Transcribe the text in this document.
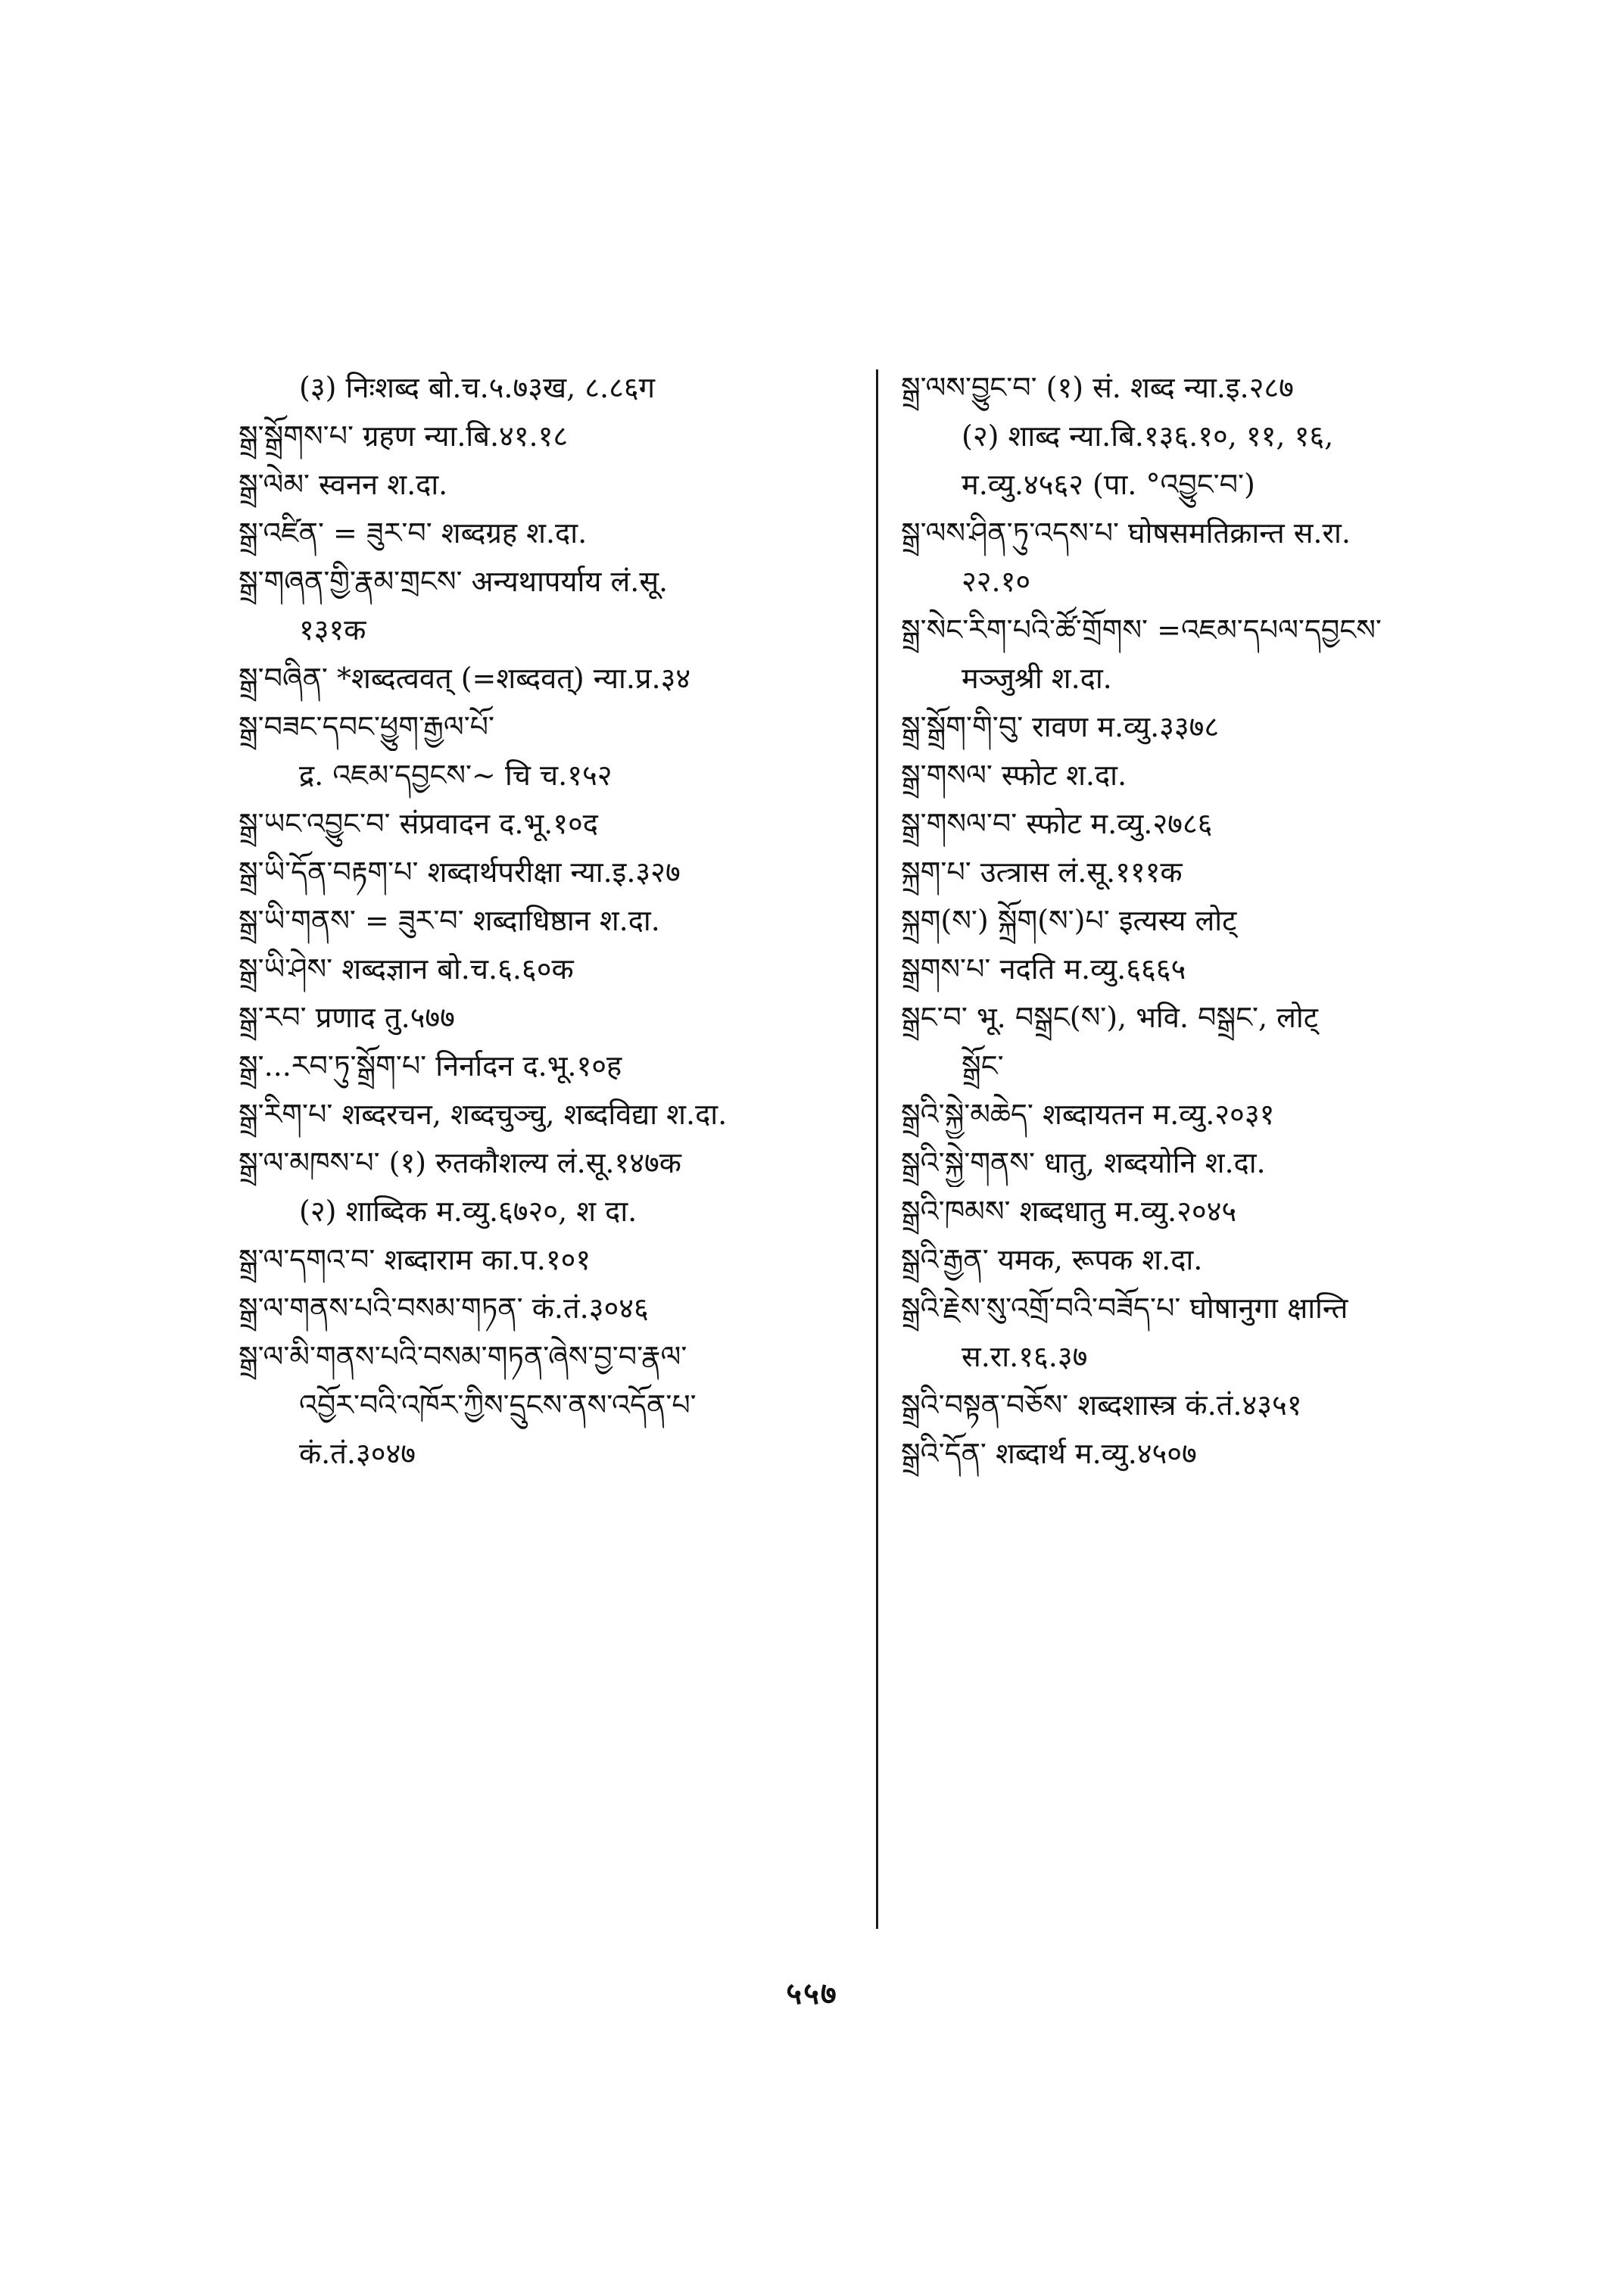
(३) निःशब्द बो.च.५.७३ख, ८.८६ग
སྒྲ་སྒྲོགས་པ་ ग्रहण न्या.बि.४१.१८
སྒྲ་ལེམ་ स्वनन श.दा.
སྒྲ་འཛིན་ = ཟུར་བ་ शब्दग्रह श.दा.
སྒྲ་གཞན་གྱི་རྣམ་གྲངས་ अन्यथापर्याय लं.सू.
१३१क
སྒྲ་བཞིན་ *शब्दत्ववत् (=शब्दवत्) न्या.प्र.३४
སྒྲ་བཟང་དབང་ཕྱུག་རྒྱལ་པོ་
द्र. འཇམ་དབྱངས་~ चि च.१५२
སྒྲ་ཡང་འབྱུང་བ་ संप्रवादन द.भू.१०द
སྒྲ་ཡི་དོན་བརྟག་པ་ शब्दार्थपरीक्षा न्या.इ.३२७
སྒྲ་ཡི་གནས་ = ཟུར་བ་ शब्दाधिष्ठान श.दा.
སྒྲ་ཡི་ཤེས་ शब्दज्ञान बो.च.६.६०क
སྒྲ་རབ་ प्रणाद तु.५७७
སྒྲ་...རབ་ཏུ་སྒྲོག་པ་ निर्नादन द.भू.१०ह
སྒྲ་རིག་པ་ शब्दरचन, शब्दचुञ्चु, शब्दविद्या श.दा.
སྒྲ་ལ་མཁས་པ་ (१) रुतकौशल्य लं.सू.१४७क
(२) शाब्दिक म.व्यु.६७२०, श दा.
སྒྲ་ལ་དགའ་བ་ शब्दाराम का.प.१०१
སྒྲ་ལ་གནས་པའི་བསམ་གཏན་ कं.तं.३०४६
སྒྲ་ལ་མི་གནས་པའི་བསམ་གཏན་ཞེས་བྱ་བ་རྣལ་
འབྱོར་བའི་འཁོར་ཀྱིས་དྲུངས་ནས་འདོན་པ་
कं.तं.३०४७
སྒྲ་ལས་བྱུང་བ་ (१) सं. शब्द न्या.इ.२८७
(२) शाब्द न्या.बि.१३६.१०, ११, १६,
म.व्यु.४५६२ (पा. °འབྱུང་བ་)
སྒྲ་ལས་ཤིན་ཏུ་འདས་པ་ घोषसमतिक्रान्त स.रा.
२२.१०
སྒྲ་སེང་རིག་པའི་ཚོ་གྲོགས་ =འཇམ་དཔལ་དབྱངས་
मञ्जुश्री श.दा.
སྒྲ་སྒྲོག་གི་བུ་ रावण म.व्यु.३३७८
སྒྲ་གསལ་ स्फोट श.दा.
སྒྲ་གསལ་བ་ स्फोट म.व्यु.२७८६
སྐྲག་པ་ उत्त्रास लं.सू.१११क
སྐྲག(ས་) སྐྲོག(ས་)པ་ इत्यस्य लोट्
སྒྲགས་པ་ नदति म.व्यु.६६६५
སྒྲང་བ་ भू. བསྒྲང(ས་), भवि. བསྒྲང་, लोट्
སྒྲོང་
སྒྲའི་སྐྱེ་མཆེད་ शब्दायतन म.व्यु.२०३१
སྒྲའི་སྐྱེ་གནས་ धातु, शब्दयोनि श.दा.
སྒྲའི་ཁམས་ शब्दधातु म.व्यु.२०४५
སྒྲའི་རྒྱན་ यमक, रूपक श.दा.
སྒྲའི་རྗེས་སུ་འགྲོ་བའི་བཟོད་པ་ घोषानुगा क्षान्ति
स.रा.१६.३७
སྒྲའི་བསྟན་བཅོས་ शब्दशास्त्र कं.तं.४३५१
སྒྲའི་དོན་ शब्दार्थ म.व्यु.४५०७
५५७
